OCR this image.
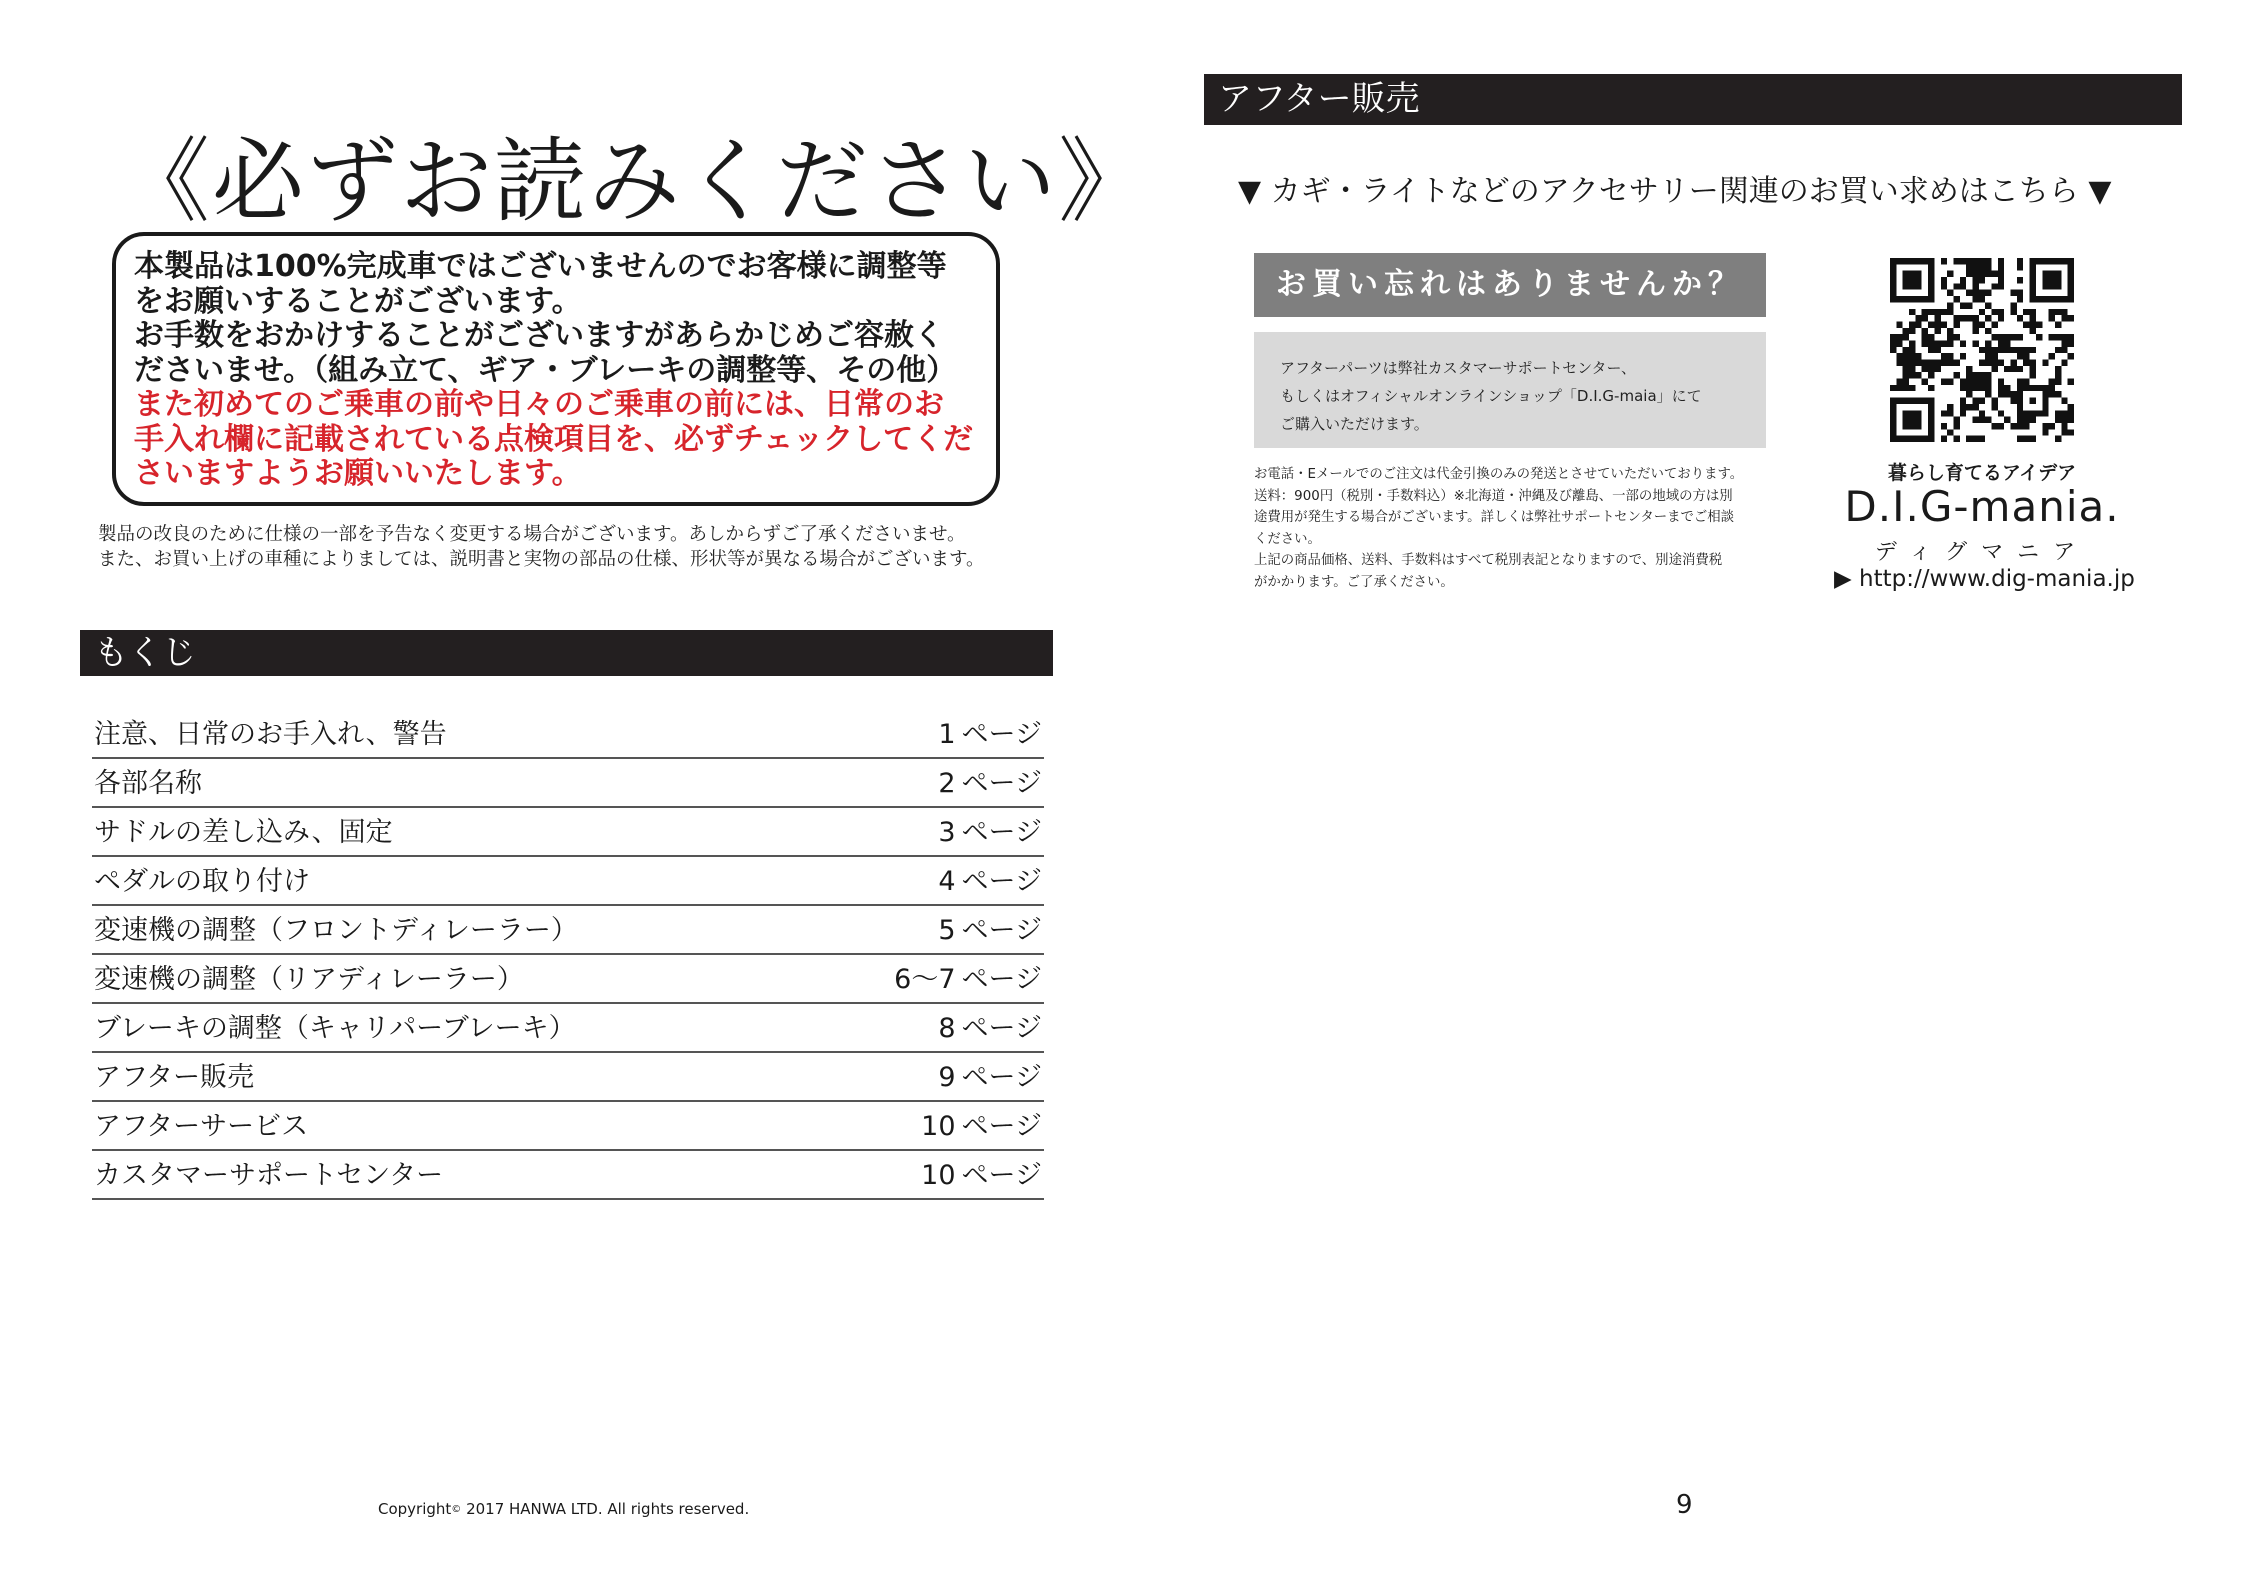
《必ずお読みください》

本製品は100%完成車ではございませんのでお客様に調整等

をお願いすることがございます。

お手数をおかけすることがございますがあらかじめご容赦く

ださいませ。（組み立て、ギア・ブレーキの調整等、その他）

また初めてのご乗車の前や日々のご乗車の前には、日常のお

手入れ欄に記載されている点検項目を、必ずチェックしてくだ

さいますようお願いいたします。

製品の改良のために仕様の一部を予告なく変更する場合がございます。あしからずご了承くださいませ。

また、お買い上げの車種によりましては、説明書と実物の部品の仕様、形状等が異なる場合がございます。

もくじ
注意、日常のお手入れ、警告	1 ページ
各部名称	2 ページ
サドルの差し込み、固定	3 ページ
ペダルの取り付け	4 ページ
変速機の調整（フロントディレーラー）	5 ページ
変速機の調整（リアディレーラー）	6～7 ページ
ブレーキの調整（キャリパーブレーキ）	8 ページ
アフター販売	9 ページ
アフターサービス	10 ページ
カスタマーサポートセンター	10 ページ
Copyright© 2017 HANWA LTD. All rights reserved.
アフター販売
▼ カギ・ライトなどのアクセサリー関連のお買い求めはこちら ▼
お買い忘れはありませんか？

アフターパーツは弊社カスタマーサポートセンター、

もしくはオフィシャルオンラインショップ「D.I.G-maia」にて

ご購入いただけます。

お電話・Eメールでのご注文は代金引換のみの発送とさせていただいております。

送料：900円（税別・手数料込）※北海道・沖縄及び離島、一部の地域の方は別

途費用が発生する場合がございます。詳しくは弊社サポートセンターまでご相談

ください。

上記の商品価格、送料、手数料はすべて税別表記となりますので、別途消費税

がかかります。ご了承ください。

暮らし育てるアイデア
D.I.G-mania.
ディグマニア
▶ http://www.dig-mania.jp
9
